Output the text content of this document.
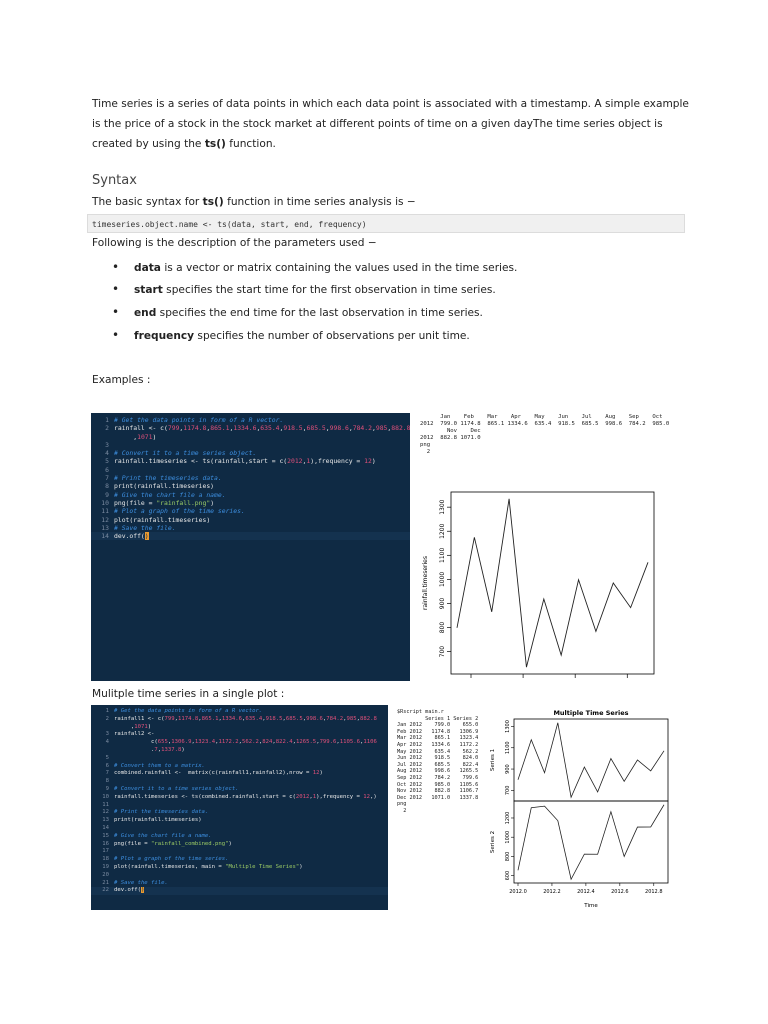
Time series is a series of data points in which each data point is associated with a timestamp. A simple example is the price of a stock in the stock market at different points of time on a given dayThe time series object is created by using the ts() function.
Syntax
The basic syntax for ts() function in time series analysis is −
timeseries.object.name <- ts(data, start, end, frequency)
Following is the description of the parameters used −
• data is a vector or matrix containing the values used in the time series.
• start specifies the start time for the first observation in time series.
• end specifies the end time for the last observation in time series.
• frequency specifies the number of observations per unit time.
Examples :
1 # Get the data points in form of a R vector.
2 rainfall <- c(799,1174.8,865.1,1334.6,635.4,918.5,685.5,998.6,784.2,985,882.8
,1071)
3
4 # Convert it to a time series object.
5 rainfall.timeseries <- ts(rainfall,start = c(2012,1),frequency = 12)
6
7 # Print the timeseries data.
8 print(rainfall.timeseries)
9 # Give the chart file a name.
10 png(file = "rainfall.png")
11 # Plot a graph of the time series.
12 plot(rainfall.timeseries)
13 # Save the file.
14 dev.off()
Jan    Feb    Mar    Apr    May    Jun    Jul    Aug    Sep    Oct
2012  799.0 1174.8  865.1 1334.6  635.4  918.5  685.5  998.6  784.2  985.0
Nov    Dec
2012  882.8 1071.0
png
2
700
800
900
1000
1100
1200
1300
rainfall.timeseries
Mulitple time series in a single plot :
1 # Get the data points in form of a R vector.
2 rainfall1 <- c(799,1174.8,865.1,1334.6,635.4,918.5,685.5,998.6,784.2,985,882.8
,1071)
3 rainfall2 <-
4 c(655,1306.9,1323.4,1172.2,562.2,824,822.4,1265.5,799.6,1105.6,1106
.7,1337.8)
5
6 # Convert them to a matrix.
7 combined.rainfall <-  matrix(c(rainfall1,rainfall2),nrow = 12)
8
9 # Convert it to a time series object.
10 rainfall.timeseries <- ts(combined.rainfall,start = c(2012,1),frequency = 12,)
11
12 # Print the timeseries data.
13 print(rainfall.timeseries)
14
15 # Give the chart file a name.
16 png(file = "rainfall_combined.png")
17
18 # Plot a graph of the time series.
19 plot(rainfall.timeseries, main = "Multiple Time Series")
20
21 # Save the file.
22 dev.off()
$Rscript main.r
Series 1 Series 2
Jan 2012    799.0    655.0
Feb 2012   1174.8   1306.9
Mar 2012    865.1   1323.4
Apr 2012   1334.6   1172.2
May 2012    635.4    562.2
Jun 2012    918.5    824.0
Jul 2012    685.5    822.4
Aug 2012    998.6   1265.5
Sep 2012    784.2    799.6
Oct 2012    985.0   1105.6
Nov 2012    882.8   1106.7
Dec 2012   1071.0   1337.8
png
2
Multiple Time Series
700
900
1100
1300
Series 1
600
800
1000
1200
Series 2
2012.0	2012.2	2012.4	2012.6	2012.8
Time
